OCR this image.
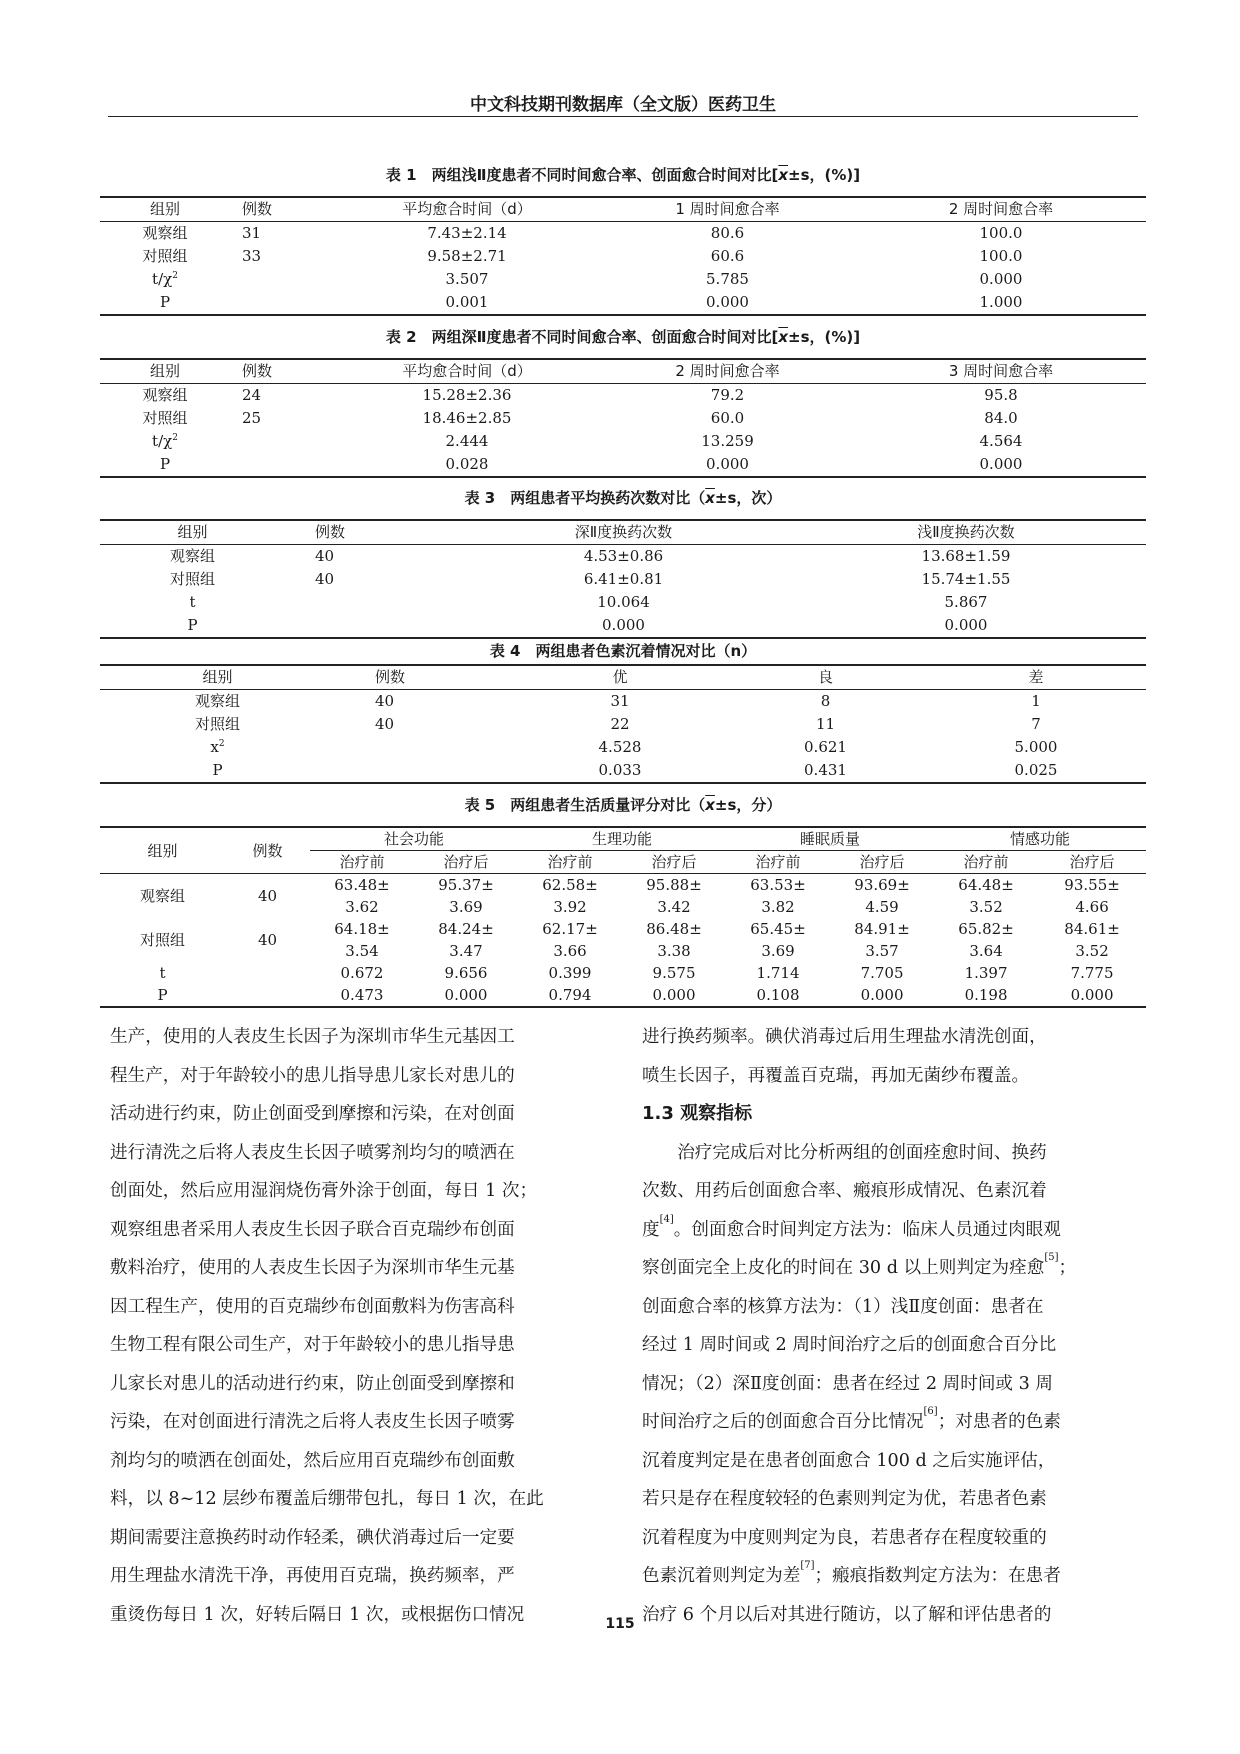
中文科技期刊数据库（全文版）医药卫生
表 1　两组浅Ⅱ度患者不同时间愈合率、创面愈合时间对比[$\overline{x}\pm s$，(%)]
组别	例数	平均愈合时间（d）	1 周时间愈合率	2 周时间愈合率
观察组	31	7.43±2.14	80.6	100.0
对照组	33	9.58±2.71	60.6	100.0
$t/\chi^2$		3.507	5.785	0.000
P		0.001	0.000	1.000
表 2　两组深Ⅱ度患者不同时间愈合率、创面愈合时间对比[$\overline{x}\pm s$，(%)]
组别	例数	平均愈合时间（d）	2 周时间愈合率	3 周时间愈合率
观察组	24	15.28±2.36	79.2	95.8
对照组	25	18.46±2.85	60.0	84.0
$t/\chi^2$		2.444	13.259	4.564
P		0.028	0.000	0.000
表 3　两组患者平均换药次数对比（$\overline{x}\pm s$，次）
组别	例数	深Ⅱ度换药次数	浅Ⅱ度换药次数
观察组	40	4.53±0.86	13.68±1.59
对照组	40	6.41±0.81	15.74±1.55
t		10.064	5.867
P		0.000	0.000
表 4　两组患者色素沉着情况对比（n）
组别	例数	优	良	差
观察组	40	31	8	1
对照组	40	22	11	7
$x^2$		4.528	0.621	5.000
P		0.033	0.431	0.025
表 5　两组患者生活质量评分对比（$\overline{x}\pm s$，分）
组别	例数	社会功能		生理功能		睡眠质量		情感功能	
		治疗前	治疗后	治疗前	治疗后	治疗前	治疗后	治疗前	治疗后
观察组	40	63.48±	95.37±	62.58±	95.88±	63.53±	93.69±	64.48±	93.55±
		3.62	3.69	3.92	3.42	3.82	4.59	3.52	4.66
对照组	40	64.18±	84.24±	62.17±	86.48±	65.45±	84.91±	65.82±	84.61±
		3.54	3.47	3.66	3.38	3.69	3.57	3.64	3.52
t		0.672	9.656	0.399	9.575	1.714	7.705	1.397	7.775
P		0.473	0.000	0.794	0.000	0.108	0.000	0.198	0.000

生产，使用的人表皮生长因子为深圳市华生元基因工

程生产，对于年龄较小的患儿指导患儿家长对患儿的

活动进行约束，防止创面受到摩擦和污染，在对创面

进行清洗之后将人表皮生长因子喷雾剂均匀的喷洒在

创面处，然后应用湿润烧伤膏外涂于创面，每日 1 次；

观察组患者采用人表皮生长因子联合百克瑞纱布创面

敷料治疗，使用的人表皮生长因子为深圳市华生元基

因工程生产，使用的百克瑞纱布创面敷料为伤害高科

生物工程有限公司生产，对于年龄较小的患儿指导患

儿家长对患儿的活动进行约束，防止创面受到摩擦和

污染，在对创面进行清洗之后将人表皮生长因子喷雾

剂均匀的喷洒在创面处，然后应用百克瑞纱布创面敷

料，以 8~12 层纱布覆盖后绷带包扎，每日 1 次，在此

期间需要注意换药时动作轻柔，碘伏消毒过后一定要

用生理盐水清洗干净，再使用百克瑞，换药频率，严

重烫伤每日 1 次，好转后隔日 1 次，或根据伤口情况

进行换药频率。碘伏消毒过后用生理盐水清洗创面，

喷生长因子，再覆盖百克瑞，再加无菌纱布覆盖。

1.3 观察指标

治疗完成后对比分析两组的创面痊愈时间、换药

次数、用药后创面愈合率、瘢痕形成情况、色素沉着

度[4]。创面愈合时间判定方法为：临床人员通过肉眼观

察创面完全上皮化的时间在 30 d 以上则判定为痊愈[5]；

创面愈合率的核算方法为：（1）浅Ⅱ度创面：患者在

经过 1 周时间或 2 周时间治疗之后的创面愈合百分比

情况；（2）深Ⅱ度创面：患者在经过 2 周时间或 3 周

时间治疗之后的创面愈合百分比情况[6]；对患者的色素

沉着度判定是在患者创面愈合 100 d 之后实施评估，

若只是存在程度较轻的色素则判定为优，若患者色素

沉着程度为中度则判定为良，若患者存在程度较重的

色素沉着则判定为差[7]；瘢痕指数判定方法为：在患者

治疗 6 个月以后对其进行随访，以了解和评估患者的

115
